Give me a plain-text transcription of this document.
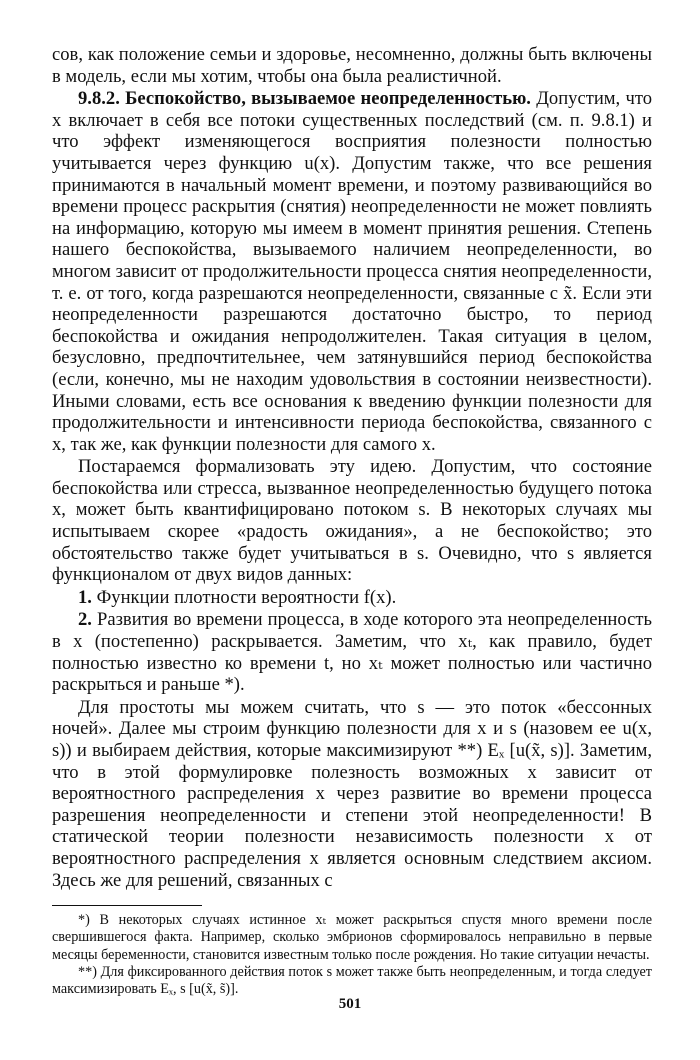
сов, как положение семьи и здоровье, несомненно, должны быть включены в модель, если мы хотим, чтобы она была реалистичной.

9.8.2. Беспокойство, вызываемое неопределенностью. Допустим, что x включает в себя все потоки существенных последствий (см. п. 9.8.1) и что эффект изменяющегося восприятия полезности полностью учитывается через функцию u(x). Допустим также, что все решения принимаются в начальный момент времени, и поэтому развивающийся во времени процесс раскрытия (снятия) неопределенности не может повлиять на информацию, которую мы имеем в момент принятия решения. Степень нашего беспокойства, вызываемого наличием неопределенности, во многом зависит от продолжительности процесса снятия неопределенности, т. е. от того, когда разрешаются неопределенности, связанные с x̃. Если эти неопределенности разрешаются достаточно быстро, то период беспокойства и ожидания непродолжителен. Такая ситуация в целом, безусловно, предпочтительнее, чем затянувшийся период беспокойства (если, конечно, мы не находим удовольствия в состоянии неизвестности). Иными словами, есть все основания к введению функции полезности для продолжительности и интенсивности периода беспокойства, связанного с x, так же, как функции полезности для самого x.

Постараемся формализовать эту идею. Допустим, что состояние беспокойства или стресса, вызванное неопределенностью будущего потока x, может быть квантифицировано потоком s. В некоторых случаях мы испытываем скорее «радость ожидания», а не беспокойство; это обстоятельство также будет учитываться в s. Очевидно, что s является функционалом от двух видов данных:

1. Функции плотности вероятности f(x).

2. Развития во времени процесса, в ходе которого эта неопределенность в x (постепенно) раскрывается. Заметим, что xₜ, как правило, будет полностью известно ко времени t, но xₜ может полностью или частично раскрыться и раньше *).

Для простоты мы можем считать, что s — это поток «бессонных ночей». Далее мы строим функцию полезности для x и s (назовем ее u(x, s)) и выбираем действия, которые максимизируют **) Eₓ [u(x̃, s)]. Заметим, что в этой формулировке полезность возможных x зависит от вероятностного распределения x через развитие во времени процесса разрешения неопределенности и степени этой неопределенности! В статической теории полезности независимость полезности x от вероятностного распределения x является основным следствием аксиом. Здесь же для решений, связанных с

*) В некоторых случаях истинное xₜ может раскрыться спустя много времени после свершившегося факта. Например, сколько эмбрионов сформировалось неправильно в первые месяцы беременности, становится известным только после рождения. Но такие ситуации нечасты.

**) Для фиксированного действия поток s может также быть неопределенным, и тогда следует максимизировать Eₓ, s [u(x̃, s̃)].

501
